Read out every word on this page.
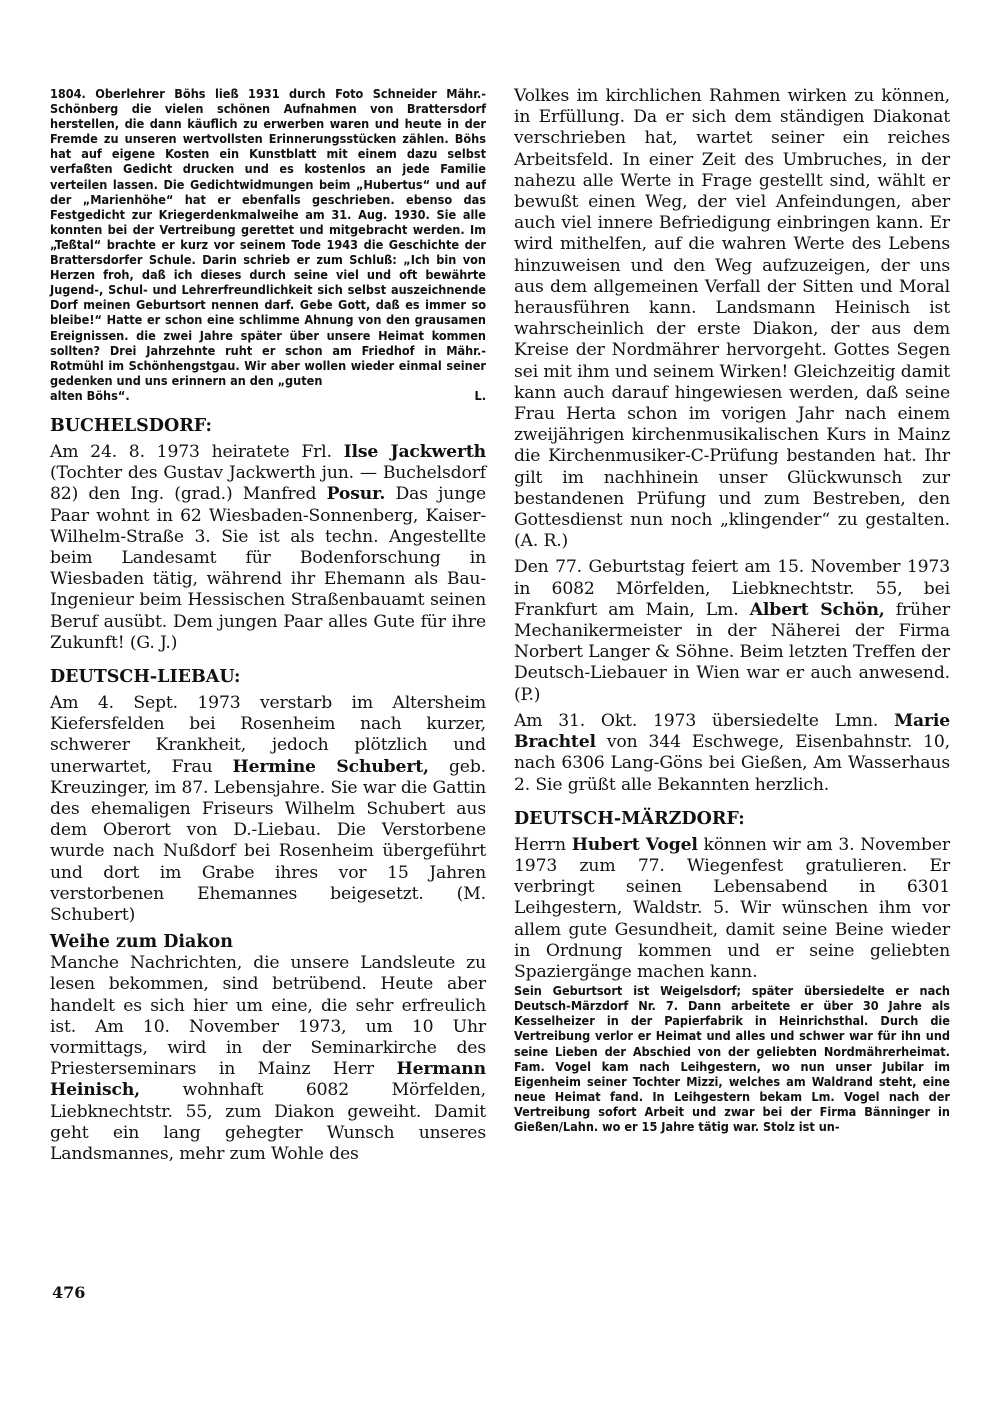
1804. Oberlehrer Böhs ließ 1931 durch Foto Schneider Mähr.-Schönberg die vielen schönen Aufnahmen von Brattersdorf herstellen, die dann käuflich zu erwerben waren und heute in der Fremde zu unseren wertvollsten Erinnerungsstücken zählen. Böhs hat auf eigene Kosten ein Kunstblatt mit einem dazu selbst verfaßten Gedicht drucken und es kostenlos an jede Familie verteilen lassen. Die Gedichtwidmungen beim „Hubertus“ und auf der „Marienhöhe“ hat er ebenfalls geschrieben. ebenso das Festgedicht zur Kriegerdenkmalweihe am 31. Aug. 1930. Sie alle konnten bei der Vertreibung gerettet und mitgebracht werden. Im „Teßtal“ brachte er kurz vor seinem Tode 1943 die Geschichte der Brattersdorfer Schule. Darin schrieb er zum Schluß: „Ich bin von Herzen froh, daß ich dieses durch seine viel und oft bewährte Jugend-, Schul- und Lehrerfreundlichkeit sich selbst auszeichnende Dorf meinen Geburtsort nennen darf. Gebe Gott, daß es immer so bleibe!“ Hatte er schon eine schlimme Ahnung von den grausamen Ereignissen. die zwei Jahre später über unsere Heimat kommen sollten? Drei Jahrzehnte ruht er schon am Friedhof in Mähr.-Rotmühl im Schönhengstgau. Wir aber wollen wieder einmal seiner gedenken und uns erinnern an den „guten

alten Böhs“.	L.
BUCHELSDORF:

Am 24. 8. 1973 heiratete Frl. Ilse Jackwerth (Tochter des Gustav Jackwerth jun. — Buchelsdorf 82) den Ing. (grad.) Manfred Posur. Das junge Paar wohnt in 62 Wiesbaden-Sonnenberg, Kaiser-Wilhelm-Straße 3. Sie ist als techn. Angestellte beim Landesamt für Bodenforschung in Wiesbaden tätig, während ihr Ehemann als Bau-Ingenieur beim Hessischen Straßenbauamt seinen Beruf ausübt. Dem jungen Paar alles Gute für ihre Zukunft! (G. J.)

DEUTSCH-LIEBAU:

Am 4. Sept. 1973 verstarb im Altersheim Kiefersfelden bei Rosenheim nach kurzer, schwerer Krankheit, jedoch plötzlich und unerwartet, Frau Hermine Schubert, geb. Kreuzinger, im 87. Lebensjahre. Sie war die Gattin des ehemaligen Friseurs Wilhelm Schubert aus dem Oberort von D.-Liebau. Die Verstorbene wurde nach Nußdorf bei Rosenheim übergeführt und dort im Grabe ihres vor 15 Jahren verstorbenen Ehemannes beigesetzt. (M. Schubert)

Weihe zum Diakon

Manche Nachrichten, die unsere Landsleute zu lesen bekommen, sind betrübend. Heute aber handelt es sich hier um eine, die sehr erfreulich ist. Am 10. November 1973, um 10 Uhr vormittags, wird in der Seminarkirche des Priesterseminars in Mainz Herr Hermann Heinisch, wohnhaft 6082 Mörfelden, Liebknechtstr. 55, zum Diakon geweiht. Damit geht ein lang gehegter Wunsch unseres Landsmannes, mehr zum Wohle des

Volkes im kirchlichen Rahmen wirken zu können, in Erfüllung. Da er sich dem ständigen Diakonat verschrieben hat, wartet seiner ein reiches Arbeitsfeld. In einer Zeit des Umbruches, in der nahezu alle Werte in Frage gestellt sind, wählt er bewußt einen Weg, der viel Anfeindungen, aber auch viel innere Befriedigung einbringen kann. Er wird mithelfen, auf die wahren Werte des Lebens hinzuweisen und den Weg aufzuzeigen, der uns aus dem allgemeinen Verfall der Sitten und Moral herausführen kann. Landsmann Heinisch ist wahrscheinlich der erste Diakon, der aus dem Kreise der Nordmährer hervorgeht. Gottes Segen sei mit ihm und seinem Wirken! Gleichzeitig damit kann auch darauf hingewiesen werden, daß seine Frau Herta schon im vorigen Jahr nach einem zweijährigen kirchenmusikalischen Kurs in Mainz die Kirchenmusiker-C-Prüfung bestanden hat. Ihr gilt im nachhinein unser Glückwunsch zur bestandenen Prüfung und zum Bestreben, den Gottesdienst nun noch „klingender“ zu gestalten. (A. R.)

Den 77. Geburtstag feiert am 15. November 1973 in 6082 Mörfelden, Liebknechtstr. 55, bei Frankfurt am Main, Lm. Albert Schön, früher Mechanikermeister in der Näherei der Firma Norbert Langer & Söhne. Beim letzten Treffen der Deutsch-Liebauer in Wien war er auch anwesend. (P.)

Am 31. Okt. 1973 übersiedelte Lmn. Marie Brachtel von 344 Eschwege, Eisenbahnstr. 10, nach 6306 Lang-Göns bei Gießen, Am Wasserhaus 2. Sie grüßt alle Bekannten herzlich.

DEUTSCH-MÄRZDORF:

Herrn Hubert Vogel können wir am 3. November 1973 zum 77. Wiegenfest gratulieren. Er verbringt seinen Lebensabend in 6301 Leihgestern, Waldstr. 5. Wir wünschen ihm vor allem gute Gesundheit, damit seine Beine wieder in Ordnung kommen und er seine geliebten Spaziergänge machen kann.

Sein Geburtsort ist Weigelsdorf; später übersiedelte er nach Deutsch-Märzdorf Nr. 7. Dann arbeitete er über 30 Jahre als Kesselheizer in der Papierfabrik in Heinrichsthal. Durch die Vertreibung verlor er Heimat und alles und schwer war für ihn und seine Lieben der Abschied von der geliebten Nordmährerheimat. Fam. Vogel kam nach Leihgestern, wo nun unser Jubilar im Eigenheim seiner Tochter Mizzi, welches am Waldrand steht, eine neue Heimat fand. In Leihgestern bekam Lm. Vogel nach der Vertreibung sofort Arbeit und zwar bei der Firma Bänninger in Gießen/Lahn. wo er 15 Jahre tätig war. Stolz ist un-

476
